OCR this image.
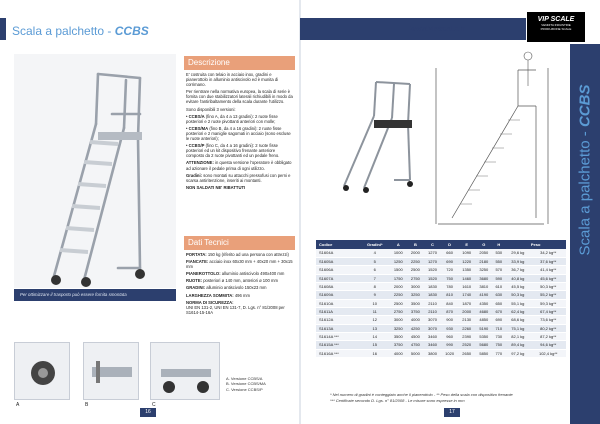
Scala a palchetto - CCBS
Per ottimizzare il trasporto può essere fornita smontata
A	B	C
A. Versione CCBS/A
B. Versione CCBS/MA
C. Versione CCBS/P
Descrizione

E' costruita con telaio in acciaio inox, gradini e pianerottolo in alluminio antiscivolo ed è munita di corrimano.

Per rientrare nella normativa europea, la scala di serie è fornita con due stabilizzatori laterali richiudibili in modo da evitare l'antiribaltamento della scala durante l'utilizzo.

Sono disponibili 3 versioni:

• CCBS/A (fino A, da 4 a 13 gradini): 2 ruote fisse posteriori e 2 ruote pivottanti anteriori con molle;

• CCBS/MA (fino B, da 4 a 16 gradini): 2 ruote fisse posteriori e 2 maniglie sagomati in acciaio (sono escluse le ruote anteriori);

• CCBS/P (fino C, da 4 a 16 gradini): 2 ruote fisse posteriori ed un kit dispositivo frenante anteriore composto da 2 ruote pivottanti ed un pedale freno.

ATTENZIONE: in questa versione l'operatore è obbligato ad azionare il pedale prima di ogni utilizzo.

Gradini: sono montati su attacchi pressofusi con perni e scarsa antiritenzione, inseriti ai montanti.

NON SALDATI NE' RIBATTUTI

Dati Tecnici

PORTATA: 150 kg (riferito ad una persona con attrezzi)

FIANCATE: acciaio inox 60x30 mm + 40x20 mm + 30x15 mm

PIANEROTTOLO: alluminio antiscivolo 490x400 mm

RUOTE: posteriori ø 140 mm, anteriori ø 100 mm

GRADINI: alluminio antiscivolo 150x23 mm

LARGHEZZA SOMMITA: 496 mm

NORMA DI SICUREZZA:
UNI EN 131-2, UNI EN 131-7, D. Lgs. n° 81/2008 per S1614-15-16A

16
WWW.VIPSCALE.IT
VIP SCALE
VENDITA INDUSTRIE
PRODUZIONE SCALE
Scala a palchetto - CCBS
Codice	Gradini*	A	B	C	D	E	G	H	Peso	
S1604A	4	1000	2000	1270	660	1090	2050	530	29,6 kg	34,2 kg**
S1605A	5	1250	2250	1270	690	1220	2180	550	33,9 kg	37,6 kg**
S1606A	6	1500	2500	1520	720	1350	3250	570	36,7 kg	41,4 kg**
S1607A	7	1750	2750	1520	750	1460	3680	590	40,8 kg	45,6 kg**
S1608A	8	2000	3000	1830	780	1610	3810	610	45,5 kg	50,3 kg**
S1609A	9	2250	3250	1830	810	1740	4190	630	50,3 kg	55,2 kg**
S1610A	10	2500	3500	2110	840	1870	4350	650	55,1 kg	59,3 kg**
S1611A	11	2750	3750	2110	870	2000	4680	670	62,4 kg	67,4 kg**
S1612A	12	3000	4000	3070	900	2130	4850	690	68,6 kg	73,6 kg**
S1613A	13	3250	4250	3070	930	2260	5190	710	75,1 kg	80,2 kg**
S1614A ***	14	3500	4500	3460	960	2390	5350	730	82,1 kg	87,2 kg**
S1615A ***	15	3750	4750	3460	990	2520	5680	750	89,4 kg	94,6 kg**
S1616A ***	16	4000	5000	3800	1020	2650	5850	770	97,2 kg	102,4 kg**
* Nel numero di gradini è conteggiato anche il pianerottolo - ** Peso della scala con dispositivo frenante
*** Certificate secondo D. Lgs. n° 81/2008 - Le misure sono espresse in mm
17
